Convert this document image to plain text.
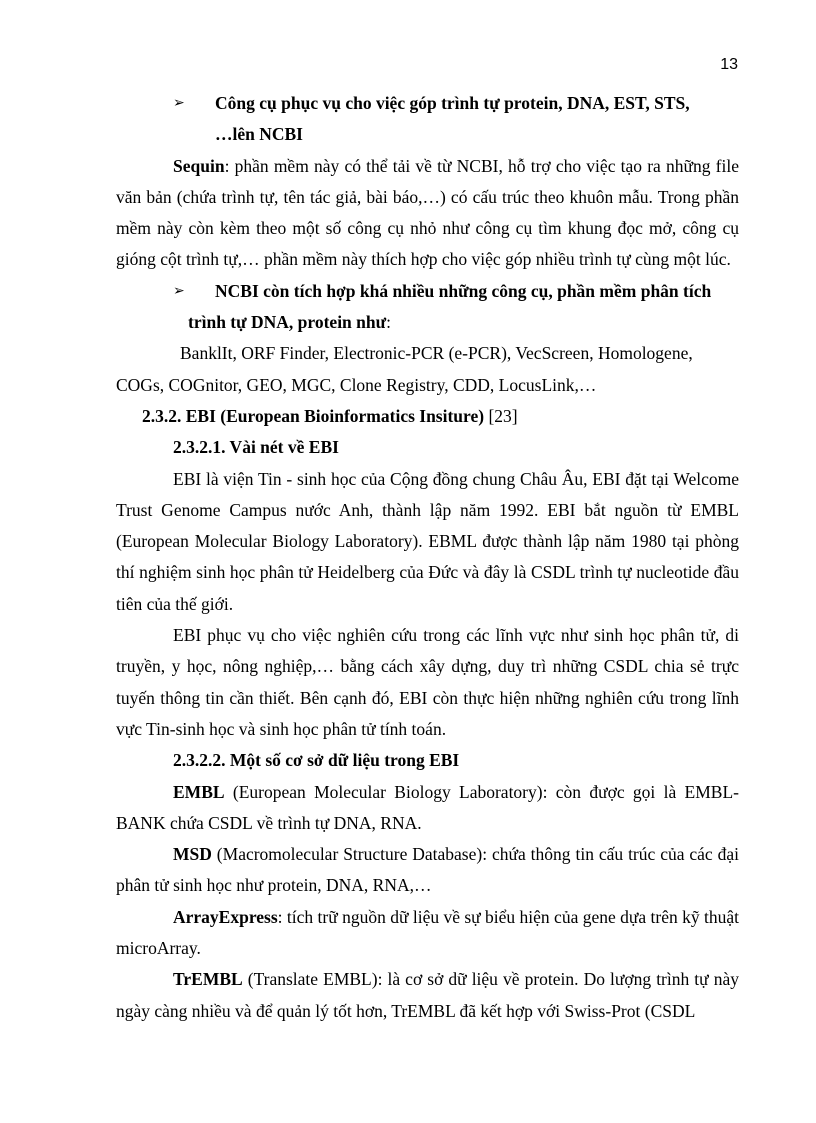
13

➢ Công cụ phục vụ cho việc góp trình tự protein, DNA, EST, STS,
…lên NCBI

Sequin: phần mềm này có thể tải về từ NCBI, hỗ trợ cho việc tạo ra những file văn bản (chứa trình tự, tên tác giả, bài báo,…) có cấu trúc theo khuôn mẫu. Trong phần mềm này còn kèm theo một số công cụ nhỏ như công cụ tìm khung đọc mở, công cụ gióng cột trình tự,… phần mềm này thích hợp cho việc góp nhiều trình tự cùng một lúc.

➢ NCBI còn tích hợp khá nhiều những công cụ, phần mềm phân tích

trình tự DNA, protein như:

BanklIt, ORF Finder, Electronic-PCR (e-PCR), VecScreen, Homologene,

COGs, COGnitor, GEO, MGC, Clone Registry, CDD, LocusLink,…

2.3.2. EBI (European Bioinformatics Insiture) [23]

2.3.2.1. Vài nét về EBI

EBI là viện Tin - sinh học của Cộng đồng chung Châu Âu, EBI đặt tại Welcome Trust Genome Campus nước Anh, thành lập năm 1992. EBI bắt nguồn từ EMBL (European Molecular Biology Laboratory). EBML được thành lập năm 1980 tại phòng thí nghiệm sinh học phân tử Heidelberg của Đức và đây là CSDL trình tự nucleotide đầu tiên của thế giới.

EBI phục vụ cho việc nghiên cứu trong các lĩnh vực như sinh học phân tử, di truyền, y học, nông nghiệp,… bằng cách xây dựng, duy trì những CSDL chia sẻ trực tuyến thông tin cần thiết. Bên cạnh đó, EBI còn thực hiện những nghiên cứu trong lĩnh vực Tin-sinh học và sinh học phân tử tính toán.

2.3.2.2. Một số cơ sở dữ liệu trong EBI

EMBL (European Molecular Biology Laboratory): còn được gọi là EMBL-BANK chứa CSDL về trình tự DNA, RNA.

MSD (Macromolecular Structure Database): chứa thông tin cấu trúc của các đại phân tử sinh học như protein, DNA, RNA,…

ArrayExpress: tích trữ nguồn dữ liệu về sự biểu hiện của gene dựa trên kỹ thuật microArray.

TrEMBL (Translate EMBL): là cơ sở dữ liệu về protein. Do lượng trình tự này ngày càng nhiều và để quản lý tốt hơn, TrEMBL đã kết hợp với Swiss-Prot (CSDL
